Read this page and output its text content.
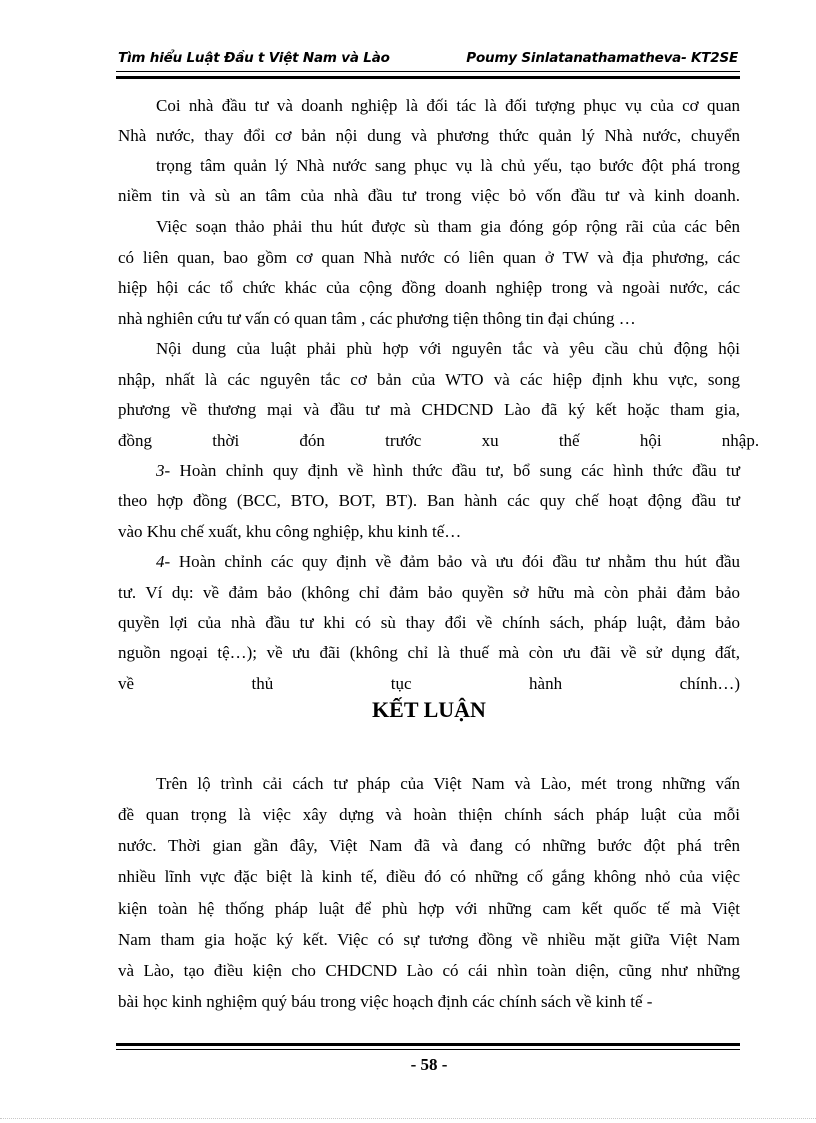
Tìm hiểu Luật Đầu t Việt Nam và Lào	Poumy Sinlatanathamatheva- KT2SE
Coi nhà đầu tư và doanh nghiệp là đối tác là đối tượng phục vụ của cơ quan
Nhà nước, thay đổi cơ bản nội dung và phương thức quản lý Nhà nước, chuyển
trọng tâm quản lý Nhà nước sang phục vụ là chủ yếu, tạo bước đột phá trong
niềm tin và sù an tâm của nhà đầu tư trong việc bỏ vốn đầu tư và kinh doanh.
Việc soạn thảo phải thu hút được sù tham gia đóng góp rộng rãi của các bên
có liên quan, bao gồm cơ quan Nhà nước có liên quan ở TW và địa phương, các
hiệp hội các tổ chức khác của cộng đồng doanh nghiệp trong và ngoài nước, các
nhà nghiên cứu tư vấn có quan tâm , các phương tiện thông tin đại chúng …
Nội dung của luật phải phù hợp với nguyên tắc và yêu cầu chủ động hội
nhập, nhất là các nguyên tắc cơ bản của WTO và các hiệp định khu vực, song
phương về thương mại và đầu tư mà CHDCND Lào đã ký kết hoặc tham gia,
đồng thời đón trước xu thế hội nhập.
3- Hoàn chỉnh quy định về hình thức đầu tư, bổ sung các hình thức đầu tư
theo hợp đồng (BCC, BTO, BOT, BT). Ban hành các quy chế hoạt động đầu tư
vào Khu chế xuất, khu công nghiệp, khu kinh tế…
4- Hoàn chỉnh các quy định về đảm bảo và ưu đói đầu tư nhằm thu hút đầu
tư. Ví dụ: về đảm bảo (không chỉ đảm bảo quyền sở hữu mà còn phải đảm bảo
quyền lợi của nhà đầu tư khi có sù thay đổi về chính sách, pháp luật, đảm bảo
nguồn ngoại tệ…); về ưu đãi (không chỉ là thuế mà còn ưu đãi về sử dụng đất,
về thủ tục hành chính…)
KẾT LUẬN
Trên lộ trình cải cách tư pháp của Việt Nam và Lào, mét trong những vấn
đề quan trọng là việc xây dựng và hoàn thiện chính sách pháp luật của mỗi
nước. Thời gian gần đây, Việt Nam đã và đang có những bước đột phá trên
nhiều lĩnh vực đặc biệt là kinh tế, điều đó có những cố gắng không nhỏ của việc
kiện toàn hệ thống pháp luật để phù hợp với những cam kết quốc tế mà Việt
Nam tham gia hoặc ký kết. Việc có sự tương đồng về nhiều mặt giữa Việt Nam
và Lào, tạo điều kiện cho CHDCND Lào có cái nhìn toàn diện, cũng như những
bài học kinh nghiệm quý báu trong việc hoạch định các chính sách về kinh tế -
- 58 -
